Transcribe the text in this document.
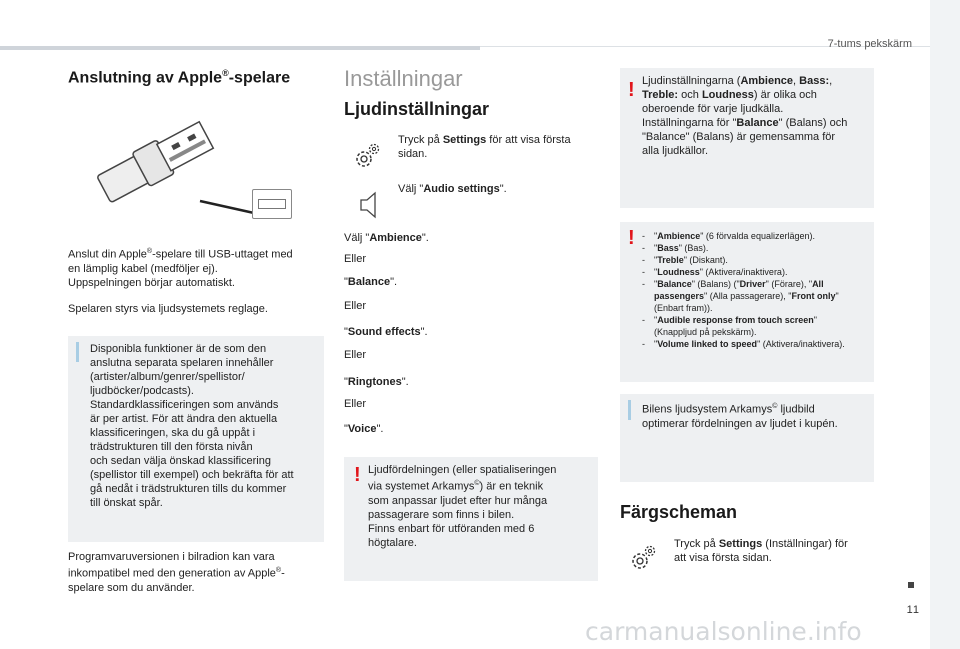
7-tums pekskärm
11
Anslutning av Apple®-spelare

Anslut din Apple®-spelare till USB-uttaget med
en lämplig kabel (medföljer ej).
Uppspelningen börjar automatiskt.

Spelaren styrs via ljudsystemets reglage.

Disponibla funktioner är de som den
anslutna separata spelaren innehåller
(artister/album/genrer/spellistor/
ljudböcker/podcasts).
Standardklassificeringen som används
är per artist. För att ändra den aktuella
klassificeringen, ska du gå uppåt i
trädstrukturen till den första nivån
och sedan välja önskad klassificering
(spellistor till exempel) och bekräfta för att
gå nedåt i trädstrukturen tills du kommer
till önskat spår.

Programvaruversionen i bilradion kan vara
inkompatibel med den generation av Apple®-
spelare som du använder.

Inställningar
Ljudinställningar
Tryck på Settings för att visa första
sidan.
Välj "Audio settings".
Välj "Ambience".
Eller
"Balance".
Eller
"Sound effects".
Eller
"Ringtones".
Eller
"Voice".
! Ljudfördelningen (eller spatialiseringen
via systemet Arkamys©) är en teknik
som anpassar ljudet efter hur många
passagerare som finns i bilen.
Finns enbart för utföranden med 6
högtalare.
! Ljudinställningarna (Ambience, Bass:,
Treble: och Loudness) är olika och
oberoende för varje ljudkälla.
Inställningarna för "Balance" (Balans) och
"Balance" (Balans) är gemensamma för
alla ljudkällor.
! -	"Ambience" (6 förvalda equalizerlägen).
-	"Bass" (Bas).
-	"Treble" (Diskant).
-	"Loudness" (Aktivera/inaktivera).
-	"Balance" (Balans) ("Driver" (Förare), "All
passengers" (Alla passagerare), "Front only"
(Enbart fram)).
-	"Audible response from touch screen"
(Knappljud på pekskärm).
-	"Volume linked to speed" (Aktivera/inaktivera).
Bilens ljudsystem Arkamys© ljudbild
optimerar fördelningen av ljudet i kupén.
Färgscheman
Tryck på Settings (Inställningar) för
att visa första sidan.
carmanualsonline.info
